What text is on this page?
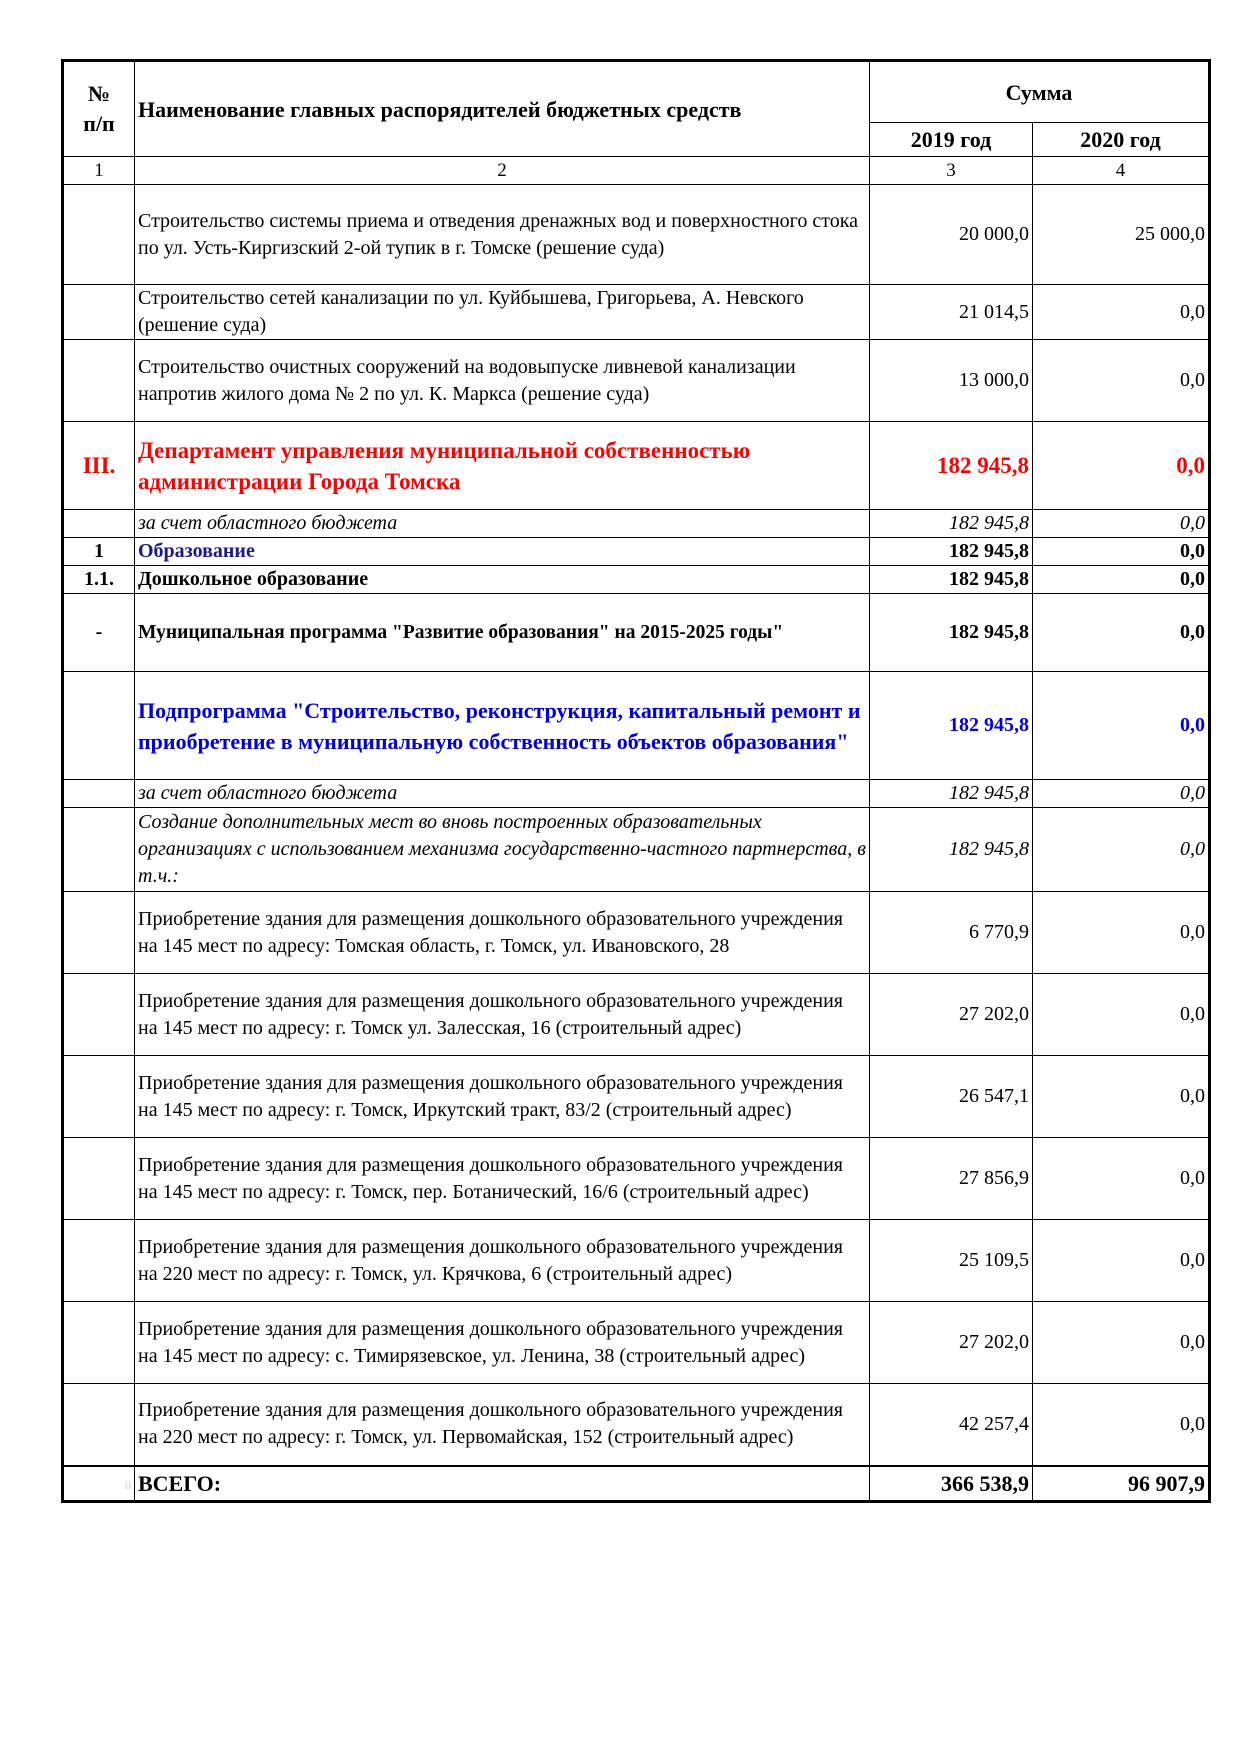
№
п/п	Наименование главных распорядителей бюджетных средств	Сумма	
		2019 год	2020 год
1	2	3	4
	Строительство системы приема и отведения дренажных вод и поверхностного стока по ул. Усть-Киргизский 2-ой тупик в г. Томске (решение суда)	20 000,0	25 000,0
	Строительство сетей канализации по ул. Куйбышева, Григорьева, А. Невского (решение суда)	21 014,5	0,0
	Строительство очистных сооружений на водовыпуске ливневой канализации напротив жилого дома № 2 по ул. К. Маркса (решение суда)	13 000,0	0,0
III.	Департамент управления муниципальной собственностью администрации Города Томска	182 945,8	0,0
	за счет областного бюджета	182 945,8	0,0
1	Образование	182 945,8	0,0
1.1.	Дошкольное образование	182 945,8	0,0
-	Муниципальная программа "Развитие образования" на 2015-2025 годы"	182 945,8	0,0
	Подпрограмма "Строительство, реконструкция, капитальный ремонт и приобретение в муниципальную собственность объектов образования"	182 945,8	0,0
	за счет областного бюджета	182 945,8	0,0
	Создание дополнительных мест во вновь построенных образовательных организациях с использованием механизма государственно-частного партнерства, в т.ч.:	182 945,8	0,0
	Приобретение здания для размещения дошкольного образовательного учреждения на 145 мест по адресу: Томская область, г. Томск, ул. Ивановского, 28	6 770,9	0,0
	Приобретение здания для размещения дошкольного образовательного учреждения на 145 мест по адресу: г. Томск ул. Залесская, 16 (строительный адрес)	27 202,0	0,0
	Приобретение здания для размещения дошкольного образовательного учреждения на 145 мест по адресу: г. Томск, Иркутский тракт, 83/2 (строительный адрес)	26 547,1	0,0
	Приобретение здания для размещения дошкольного образовательного учреждения на 145 мест по адресу: г. Томск, пер. Ботанический, 16/6 (строительный адрес)	27 856,9	0,0
	Приобретение здания для размещения дошкольного образовательного учреждения на 220 мест по адресу: г. Томск, ул. Крячкова, 6 (строительный адрес)	25 109,5	0,0
	Приобретение здания для размещения дошкольного образовательного учреждения на 145 мест по адресу: с. Тимирязевское, ул. Ленина, 38 (строительный адрес)	27 202,0	0,0
	Приобретение здания для размещения дошкольного образовательного учреждения на 220 мест по адресу: г. Томск, ул. Первомайская, 152 (строительный адрес)	42 257,4	0,0
0	ВСЕГО:	366 538,9	96 907,9
